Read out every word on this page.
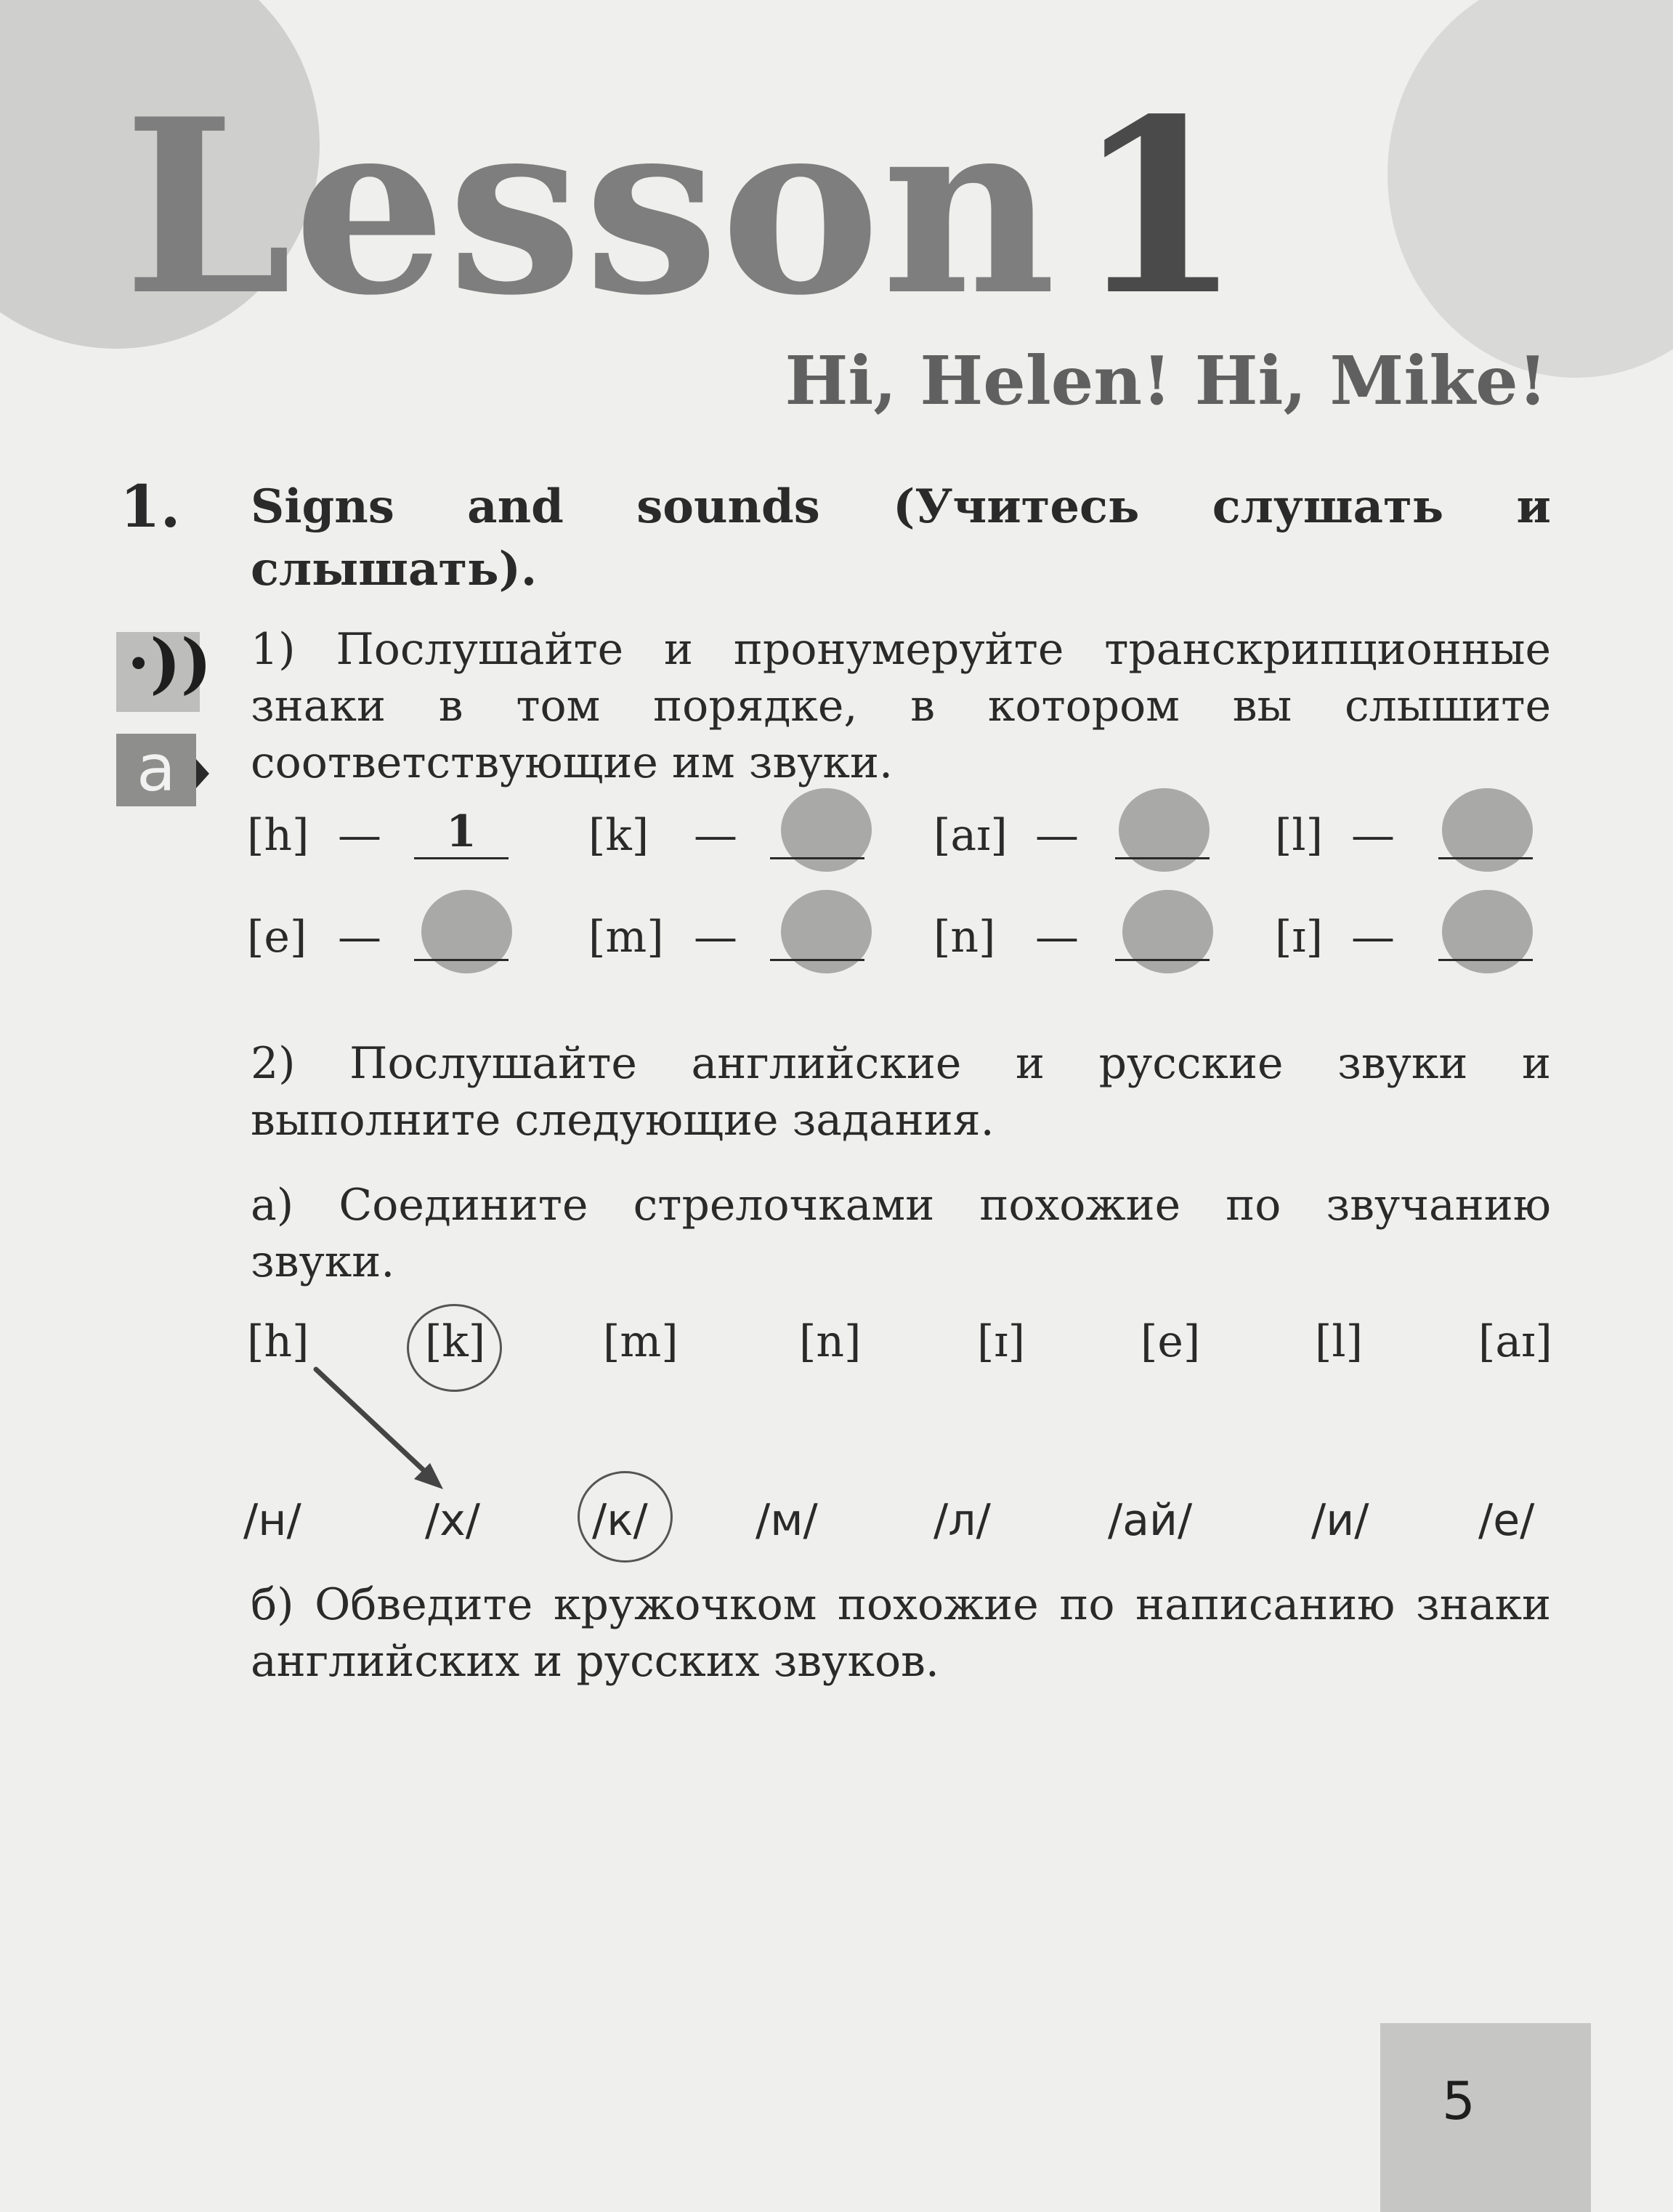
Lesson 1
Hi, Helen! Hi, Mike!
1. Signs and sounds (Учитесь слушать и слышать).
·))
a
1) Послушайте и пронумеруйте транскрипционные знаки в том порядке, в котором вы слышите соответствующие им звуки.
[h] —	1	[k] —	[aɪ] —	[l] —
[e] —	[m] —	[n] —	[ɪ] —
2) Послушайте английские и русские звуки и выполните следующие задания.
а) Соедините стрелочками похожие по звучанию звуки.
[h]	[k]	[m]	[n]	[ɪ]	[e]	[l]	[aɪ]
/н/	/х/	/к/ /м/	/л/	/ай/	/и/	/е/
б) Обведите кружочком похожие по написанию знаки английских и русских звуков.
5
